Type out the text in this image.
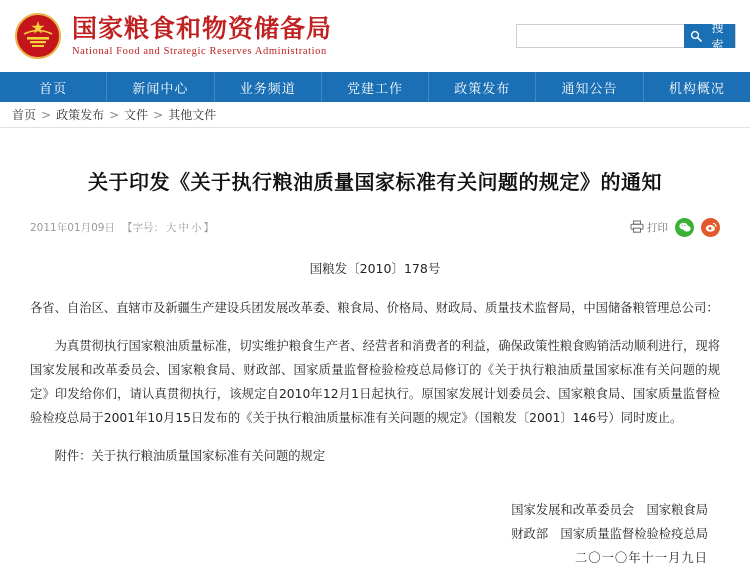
国家粮食和物资储备局
National Food and Strategic Reserves Administration
搜索
首页	新闻中心	业务频道	党建工作	政策发布	通知公告	机构概况
首页 > 政策发布 > 文件 > 其他文件
关于印发《关于执行粮油质量国家标准有关问题的规定》的通知
2011年01月09日 【字号： 大 中 小 】	打印
国粮发〔2010〕178号

各省、自治区、直辖市及新疆生产建设兵团发展改革委、粮食局、价格局、财政局、质量技术监督局，中国储备粮管理总公司：

为真贯彻执行国家粮油质量标准，切实维护粮食生产者、经营者和消费者的利益，确保政策性粮食购销活动顺利进行，现将国家发展和改革委员会、国家粮食局、财政部、国家质量监督检验检疫总局修订的《关于执行粮油质量国家标准有关问题的规定》印发给你们，请认真贯彻执行，该规定自2010年12月1日起执行。原国家发展计划委员会、国家粮食局、国家质量监督检验检疫总局于2001年10月15日发布的《关于执行粮油质量标准有关问题的规定》（国粮发〔2001〕146号）同时废止。

附件：关于执行粮油质量国家标准有关问题的规定

国家发展和改革委员会　国家粮食局
财政部　国家质量监督检验检疫总局
二〇一〇年十一月九日
